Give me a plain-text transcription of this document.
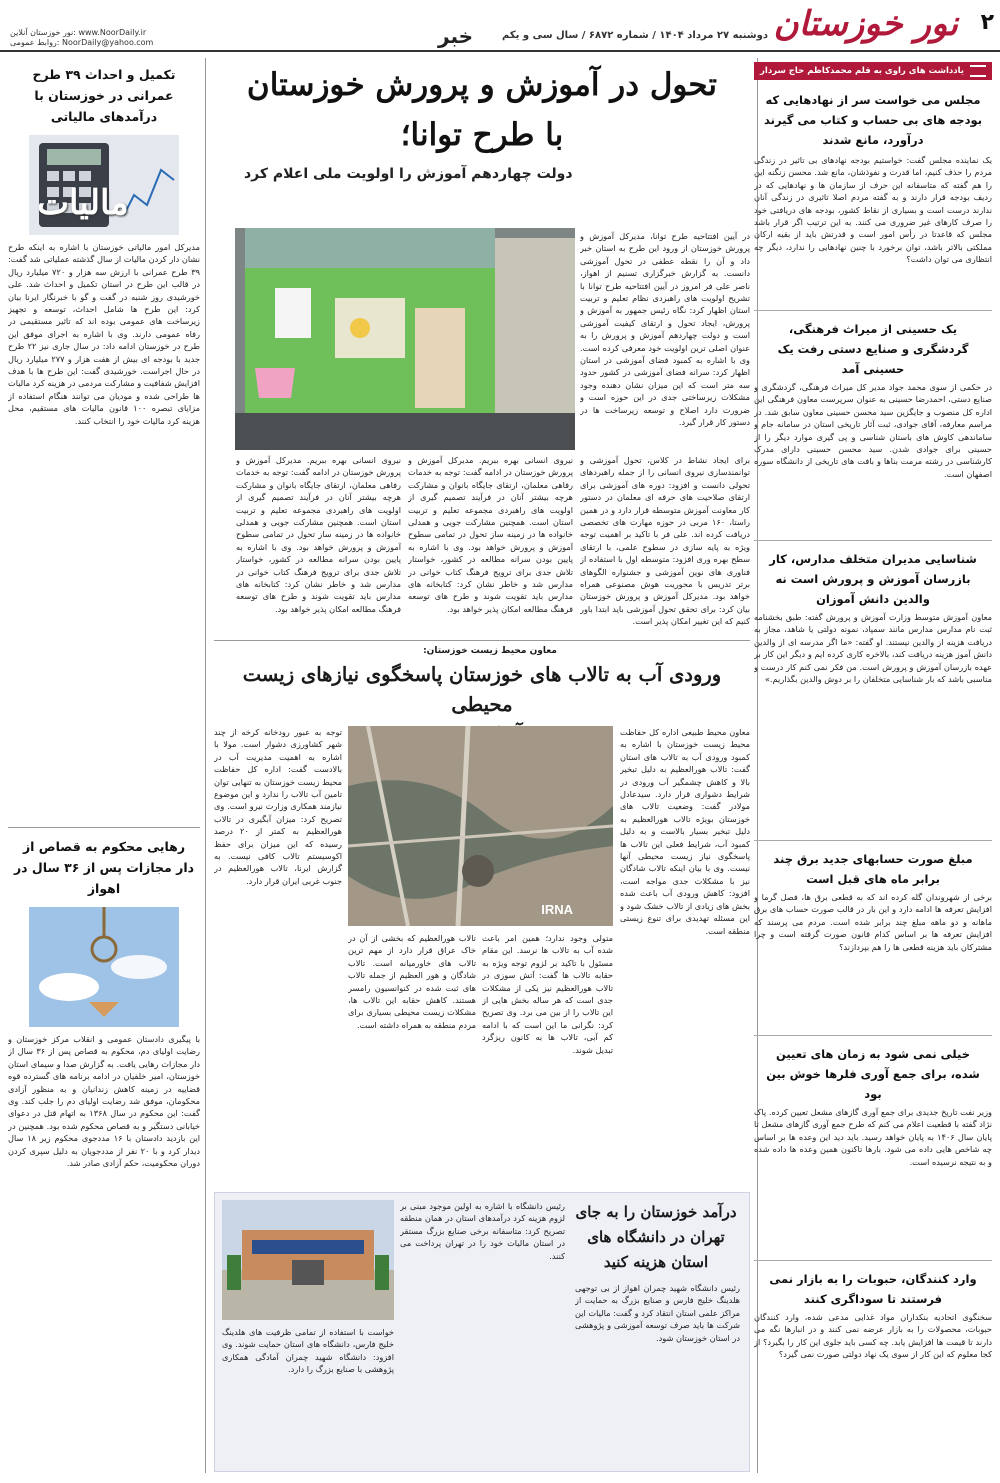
۲
نور خوزستان
دوشنبه ۲۷ مرداد ۱۴۰۴ / شماره ۶۸۷۲ / سال سی و یکم
خبر
نور خوزستان آنلاین: www.NoorDaily.ir
روابط عمومی: NoorDaily@yahoo.com
یادداشت های راوی به قلم محمدکاظم حاج سردار
مجلس می خواست سر از نهادهایی که بودجه های بی حساب و کتاب می گیرند درآورد، مانع شدند
یک نماینده مجلس گفت: خواستیم بودجه نهادهای بی تاثیر در زندگی مردم را حذف کنیم، اما قدرت و نفوذشان، مانع شد. محسن زنگنه این را هم گفته که متاسفانه این حرف از سازمان ها و نهادهایی که در ردیف بودجه قرار دارند و به گفته مردم اصلا تاثیری در زندگی آنان ندارند درست است و بسیاری از نقاط کشور، بودجه های دریافتی خود را صرف کارهای غیر ضروری می کنند. به این ترتیب اگر قرار باشد مجلس که قاعدتا در رأس امور است و قدرتش باید از بقیه ارکان مملکتی بالاتر باشد، توان برخورد با چنین نهادهایی را ندارد، دیگر چه انتظاری می توان داشت؟
یک حسینی از میراث فرهنگی، گردشگری و صنایع دستی رفت یک حسینی آمد
در حکمی از سوی محمد جواد مدیر کل میراث فرهنگی، گردشگری و صنایع دستی، احمدرضا حسینی به عنوان سرپرست معاون فرهنگی این اداره کل منصوب و جایگزین سید محسن حسینی معاون سابق شد. در مراسم معارفه، آقای جوادی، ثبت آثار تاریخی استان در سامانه جام و ساماندهی کاوش های باستان شناسی و پی گیری موارد دیگر را از حسینی برای جوادی شدن. سید محسن حسینی دارای مدرک کارشناسی در رشته مرمت بناها و بافت های تاریخی از دانشگاه سوره اصفهان است.
شناسایی مدیران متخلف مدارس، کار بازرسان آموزش و پرورش است نه والدین دانش آموزان
معاون آموزش متوسط وزارت آموزش و پرورش گفته: طبق بخشنامه ثبت نام مدارس مدارس مانند سمپاد، نمونه دولتی یا شاهد، مجاز به دریافت هزینه از والدین نیستند. او گفته: «ما اگر مدرسه ای از والدین دانش آموز هزینه دریافت کند، بالاخره کاری کرده ایم و دیگر این کار بر عهده بازرسان آموزش و پرورش است. من فکر نمی کنم کار درست و مناسبی باشد که بار شناسایی متخلفان را بر دوش والدین بگذاریم.»
مبلغ صورت حسابهای جدید برق چند برابر ماه های قبل است
برخی از شهروندان گله کرده اند که به قطعی برق ها، فصل گرما و افزایش تعرفه ها ادامه دارد و این بار در قالب صورت حساب های برق ماهانه و دو ماهه مبلغ چند برابر شده است. مردم می پرسند که افزایش تعرفه ها بر اساس کدام قانون صورت گرفته است و چرا مشترکان باید هزینه قطعی ها را هم بپردازند؟
خیلی نمی شود به زمان های تعیین شده، برای جمع آوری فلرها خوش بین بود
وزیر نفت تاریخ جدیدی برای جمع آوری گازهای مشعل تعیین کرده. پاک نژاد گفته با قطعیت اعلام می کنم که طرح جمع آوری گازهای مشعل تا پایان سال ۱۴۰۶ به پایان خواهد رسید. باید دید این وعده ها بر اساس چه شاخص هایی داده می شود. بارها تاکنون همین وعده ها داده شده و به نتیجه نرسیده است.
وارد کنندگان، حبوبات را به بازار نمی فرستند تا سوداگری کنند
سخنگوی اتحادیه بنکداران مواد غذایی مدعی شده، وارد کنندگان حبوبات، محصولات را به بازار عرضه نمی کنند و در انبارها نگه می دارند تا قیمت ها افزایش یابد. چه کسی باید جلوی این کار را بگیرد؟ از کجا معلوم که این کار از سوی یک نهاد دولتی صورت نمی گیرد؟
تحول در آموزش و پرورش خوزستان
با طرح توانا؛
دولت چهاردهم آموزش را اولویت ملی اعلام کرد
در آیین افتتاحیه طرح توانا، مدیرکل آموزش و پرورش خوزستان از ورود این طرح به استان خبر داد و آن را نقطه عطفی در تحول آموزشی دانست. به گزارش خبرگزاری تسنیم از اهواز، ناصر علی فر امروز در آیین افتتاحیه طرح توانا با تشریح اولویت های راهبردی نظام تعلیم و تربیت استان اظهار کرد: نگاه رئیس جمهور به آموزش و پرورش، ایجاد تحول و ارتقای کیفیت آموزشی است و دولت چهاردهم آموزش و پرورش را به عنوان اصلی ترین اولویت خود معرفی کرده است. وی با اشاره به کمبود فضای آموزشی در استان اظهار کرد: سرانه فضای آموزشی در کشور حدود سه متر است که این میزان نشان دهنده وجود مشکلات زیرساختی جدی در این حوزه است و ضرورت دارد اصلاح و توسعه زیرساخت ها در دستور کار قرار گیرد.
برای ایجاد نشاط در کلاس، تحول آموزشی و توانمندسازی نیروی انسانی را از جمله راهبردهای تحولی دانست و افزود: دوره های آموزشی برای ارتقای صلاحیت های حرفه ای معلمان در دستور کار معاونت آموزش متوسطه قرار دارد و در همین راستا، ۱۶۰ مربی در حوزه مهارت های تخصصی دریافت کرده اند. علی فر با تاکید بر اهمیت توجه ویژه به پایه سازی در سطوح علمی، با ارتقای سطح بهره وری افزود: متوسطه اول با استفاده از فناوری های نوین آموزشی و جشنواره الگوهای برتر تدریس با محوریت هوش مصنوعی همراه خواهد بود. مدیرکل آموزش و پرورش خوزستان بیان کرد: برای تحقق تحول آموزشی باید ابتدا باور کنیم که این تغییر امکان پذیر است.
نیروی انسانی بهره ببریم. مدیرکل آموزش و پرورش خوزستان در ادامه گفت: توجه به خدمات رفاهی معلمان، ارتقای جایگاه بانوان و مشارکت هرچه بیشتر آنان در فرآیند تصمیم گیری از اولویت های راهبردی مجموعه تعلیم و تربیت استان است. همچنین مشارکت جویی و همدلی خانواده ها در زمینه ساز تحول در تمامی سطوح آموزش و پرورش خواهد بود. وی با اشاره به پایین بودن سرانه مطالعه در کشور، خواستار تلاش جدی برای ترویج فرهنگ کتاب خوانی در مدارس شد و خاطر نشان کرد: کتابخانه های مدارس باید تقویت شوند و طرح های توسعه فرهنگ مطالعه امکان پذیر خواهد بود.
نیروی انسانی بهره ببریم. مدیرکل آموزش و پرورش خوزستان در ادامه گفت: توجه به خدمات رفاهی معلمان، ارتقای جایگاه بانوان و مشارکت هرچه بیشتر آنان در فرآیند تصمیم گیری از اولویت های راهبردی مجموعه تعلیم و تربیت استان است. همچنین مشارکت جویی و همدلی خانواده ها در زمینه ساز تحول در تمامی سطوح آموزش و پرورش خواهد بود. وی با اشاره به پایین بودن سرانه مطالعه در کشور، خواستار تلاش جدی برای ترویج فرهنگ کتاب خوانی در مدارس شد و خاطر نشان کرد: کتابخانه های مدارس باید تقویت شوند و طرح های توسعه فرهنگ مطالعه امکان پذیر خواهد بود.
معاون محیط زیست خوزستان:
ورودی آب به تالاب های خوزستان پاسخگوی نیازهای زیست محیطی
معاون محیط طبیعی اداره کل حفاظت محیط زیست خوزستان با اشاره به کمبود ورودی آب به تالاب های استان گفت: تالاب هورالعظیم به دلیل تبخیر بالا و کاهش چشمگیر آب ورودی در شرایط دشواری قرار دارد. سیدعادل مولادر گفت: وضعیت تالاب های خوزستان بویژه تالاب هورالعظیم به دلیل تبخیر بسیار بالاست و به دلیل کمبود آب، شرایط فعلی این تالاب ها پاسخگوی نیاز زیست محیطی آنها نیست. وی با بیان اینکه تالاب شادگان نیز با مشکلات جدی مواجه است، افزود: کاهش ورودی آب باعث شده بخش های زیادی از تالاب خشک شود و این مسئله تهدیدی برای تنوع زیستی منطقه است.
IRNA
توجه به عبور رودخانه کرخه از چند شهر کشاورزی دشوار است. مولا با اشاره به اهمیت مدیریت آب در بالادست گفت: اداره کل حفاظت محیط زیست خوزستان به تنهایی توان تامین آب تالاب را ندارد و این موضوع نیازمند همکاری وزارت نیرو است. وی تصریح کرد: میزان آبگیری در تالاب هورالعظیم به کمتر از ۲۰ درصد رسیده که این میزان برای حفظ اکوسیستم تالاب کافی نیست. به گزارش ایرنا، تالاب هورالعظیم در جنوب غربی ایران قرار دارد.
متولی وجود ندارد؛ همین امر باعث شده آب به تالاب ها نرسد. این مقام مسئول با تاکید بر لزوم توجه ویژه به حقابه تالاب ها گفت: آتش سوزی در تالاب هورالعظیم نیز یکی از مشکلات جدی است که هر ساله بخش هایی از این تالاب را از بین می برد. وی تصریح کرد: نگرانی ما این است که با ادامه کم آبی، تالاب ها به کانون ریزگرد تبدیل شوند.
تالاب هورالعظیم که بخشی از آن در خاک عراق قرار دارد از مهم ترین تالاب های خاورمیانه است. تالاب شادگان و هور العظیم از جمله تالاب های ثبت شده در کنوانسیون رامسر هستند. کاهش حقابه این تالاب ها، مشکلات زیست محیطی بسیاری برای مردم منطقه به همراه داشته است.
درآمد خوزستان را به جای
تهران در دانشگاه های
استان هزینه کنید
رئیس دانشگاه شهید چمران اهواز از بی توجهی هلدینگ خلیج فارس و صنایع بزرگ به حمایت از مراکز علمی استان انتقاد کرد و گفت: مالیات این شرکت ها باید صرف توسعه آموزشی و پژوهشی در استان خوزستان شود.
رئیس دانشگاه با اشاره به اولین موجود مبنی بر لزوم هزینه کرد درآمدهای استان در همان منطقه تصریح کرد: متاسفانه برخی صنایع بزرگ مستقر در استان مالیات خود را در تهران پرداخت می کنند.
خواست با استفاده از تمامی ظرفیت های هلدینگ خلیج فارس، دانشگاه های استان حمایت شوند. وی افزود: دانشگاه شهید چمران آمادگی همکاری پژوهشی با صنایع بزرگ را دارد.
تکمیل و احداث ۳۹ طرح عمرانی در خوزستان با درآمدهای مالیاتی
مالیات
مدیرکل امور مالیاتی خوزستان با اشاره به اینکه طرح نشان دار کردن مالیات از سال گذشته عملیاتی شد گفت: ۳۹ طرح عمرانی با ارزش سه هزار و ۷۲۰ میلیارد ریال در قالب این طرح در استان تکمیل و احداث شد. علی خورشیدی روز شنبه در گفت و گو با خبرنگار ایرنا بیان کرد: این طرح ها شامل احداث، توسعه و تجهیز زیرساخت های عمومی بوده اند که تاثیر مستقیمی در رفاه عمومی دارند. وی با اشاره به اجرای موفق این طرح در خوزستان ادامه داد: در سال جاری نیز ۲۲ طرح جدید با بودجه ای بیش از هفت هزار و ۲۷۷ میلیارد ریال در حال اجراست. خورشیدی گفت: این طرح ها با هدف افزایش شفافیت و مشارکت مردمی در هزینه کرد مالیات ها طراحی شده و مودیان می توانند هنگام استفاده از مزایای تبصره ۱۰۰ قانون مالیات های مستقیم، محل هزینه کرد مالیات خود را انتخاب کنند.
رهایی محکوم به قصاص از دار مجازات پس از ۳۶ سال در اهواز
با پیگیری دادستان عمومی و انقلاب مرکز خوزستان و رضایت اولیای دم، محکوم به قصاص پس از ۳۶ سال از دار مجازات رهایی یافت. به گزارش صدا و سیمای استان خوزستان، امیر خلفیان در ادامه برنامه های گسترده قوه قضاییه در زمینه کاهش زندانیان و به منظور آزادی محکومان، موفق شد رضایت اولیای دم را جلب کند. وی گفت: این محکوم در سال ۱۳۶۸ به اتهام قتل در دعوای خیابانی دستگیر و به قصاص محکوم شده بود. همچنین در این بازدید دادستان با ۱۶ مددجوی محکوم زیر ۱۸ سال دیدار کرد و با ۲۰ نفر از مددجویان به دلیل سپری کردن دوران محکومیت، حکم آزادی صادر شد.
